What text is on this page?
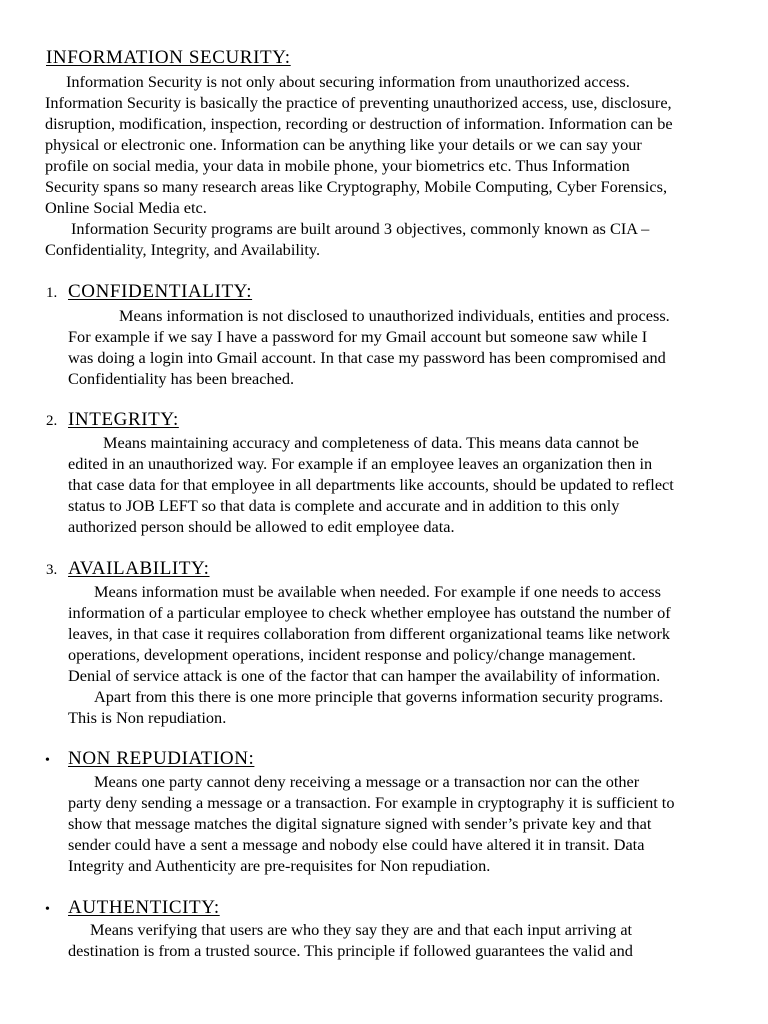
INFORMATION SECURITY:
Information Security is not only about securing information from unauthorized access.
Information Security is basically the practice of preventing unauthorized access, use, disclosure,
disruption, modification, inspection, recording or destruction of information. Information can be
physical or electronic one. Information can be anything like your details or we can say your
profile on social media, your data in mobile phone, your biometrics etc. Thus Information
Security spans so many research areas like Cryptography, Mobile Computing, Cyber Forensics,
Online Social Media etc.
Information Security programs are built around 3 objectives, commonly known as CIA –
Confidentiality, Integrity, and Availability.
1. CONFIDENTIALITY:
Means information is not disclosed to unauthorized individuals, entities and process.
For example if we say I have a password for my Gmail account but someone saw while I
was doing a login into Gmail account. In that case my password has been compromised and
Confidentiality has been breached.
2. INTEGRITY:
Means maintaining accuracy and completeness of data. This means data cannot be
edited in an unauthorized way. For example if an employee leaves an organization then in
that case data for that employee in all departments like accounts, should be updated to reflect
status to JOB LEFT so that data is complete and accurate and in addition to this only
authorized person should be allowed to edit employee data.
3. AVAILABILITY:
Means information must be available when needed. For example if one needs to access
information of a particular employee to check whether employee has outstand the number of
leaves, in that case it requires collaboration from different organizational teams like network
operations, development operations, incident response and policy/change management.
Denial of service attack is one of the factor that can hamper the availability of information.
Apart from this there is one more principle that governs information security programs.
This is Non repudiation.
• NON REPUDIATION:
Means one party cannot deny receiving a message or a transaction nor can the other
party deny sending a message or a transaction. For example in cryptography it is sufficient to
show that message matches the digital signature signed with sender’s private key and that
sender could have a sent a message and nobody else could have altered it in transit. Data
Integrity and Authenticity are pre-requisites for Non repudiation.
• AUTHENTICITY:
Means verifying that users are who they say they are and that each input arriving at
destination is from a trusted source. This principle if followed guarantees the valid and
